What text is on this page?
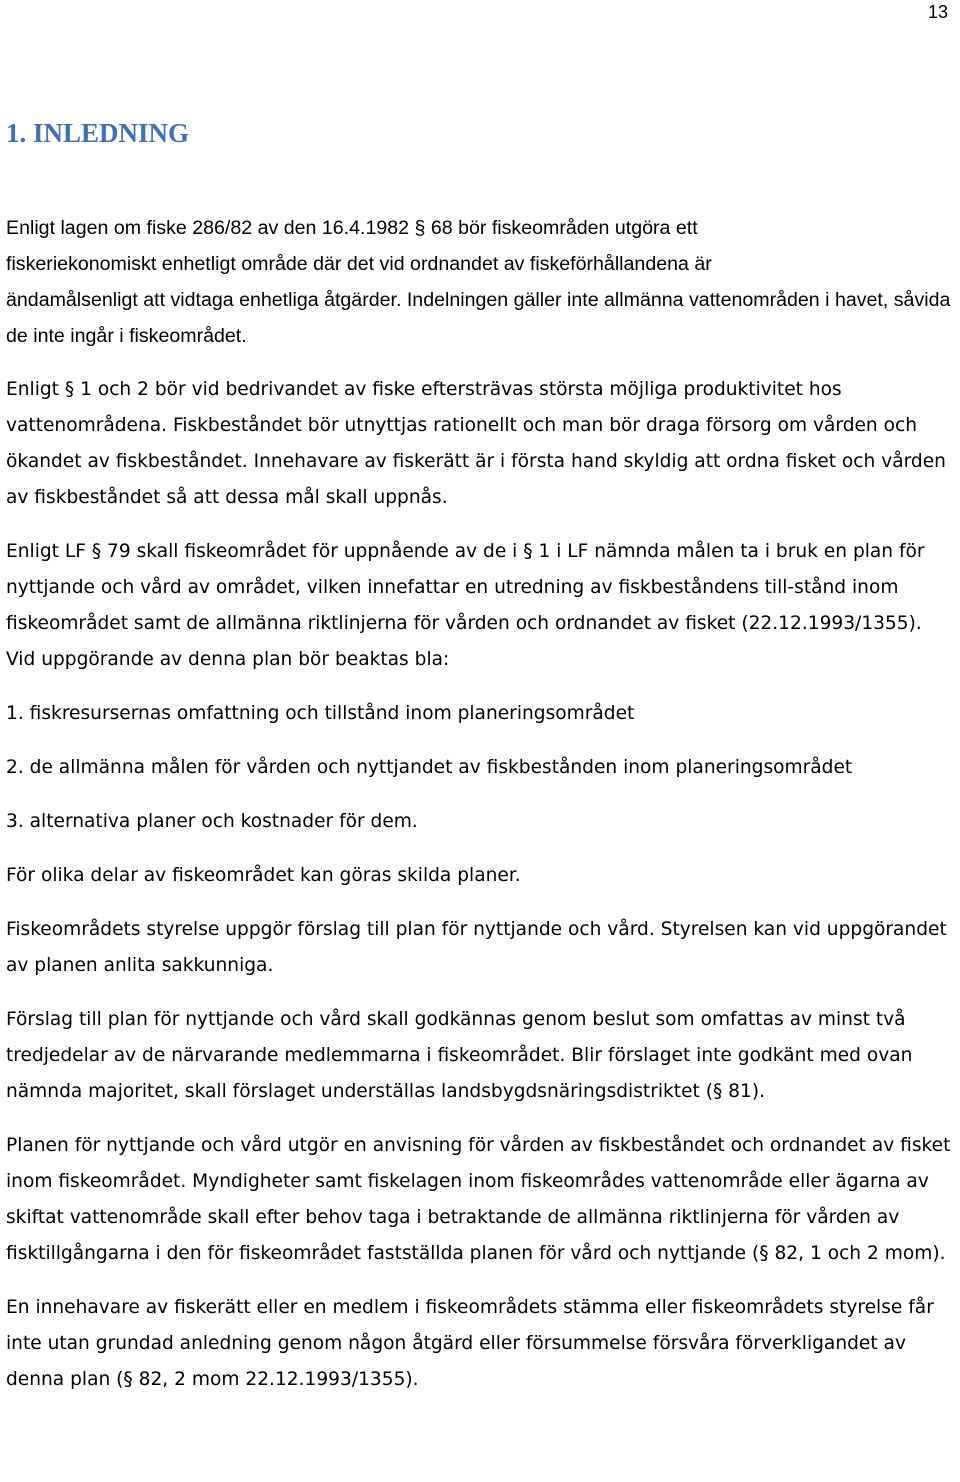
13
1. INLEDNING

Enligt lagen om fiske 286/82 av den 16.4.1982 § 68 bör fiskeområden utgöra ett
fiskeriekonomiskt enhetligt område där det vid ordnandet av fiskeförhållandena är
ändamålsenligt att vidtaga enhetliga åtgärder. Indelningen gäller inte allmänna vattenområden i havet, såvida de inte ingår i fiskeområdet.

Enligt § 1 och 2 bör vid bedrivandet av fiske eftersträvas största möjliga produktivitet hos vattenområdena. Fiskbeståndet bör utnyttjas rationellt och man bör draga försorg om vården och ökandet av fiskbeståndet. Innehavare av fiskerätt är i första hand skyldig att ordna fisket och vården av fiskbeståndet så att dessa mål skall uppnås.

Enligt LF § 79 skall fiskeområdet för uppnående av de i § 1 i LF nämnda målen ta i bruk en plan för nyttjande och vård av området, vilken innefattar en utredning av fiskbeståndens till-stånd inom fiskeområdet samt de allmänna riktlinjerna för vården och ordnandet av fisket (22.12.1993/1355). Vid uppgörande av denna plan bör beaktas bla:

1. fiskresursernas omfattning och tillstånd inom planeringsområdet

2. de allmänna målen för vården och nyttjandet av fiskbestånden inom planeringsområdet

3. alternativa planer och kostnader för dem.

För olika delar av fiskeområdet kan göras skilda planer.

Fiskeområdets styrelse uppgör förslag till plan för nyttjande och vård. Styrelsen kan vid uppgörandet av planen anlita sakkunniga.

Förslag till plan för nyttjande och vård skall godkännas genom beslut som omfattas av minst två tredjedelar av de närvarande medlemmarna i fiskeområdet. Blir förslaget inte godkänt med ovan nämnda majoritet, skall förslaget underställas landsbygdsnäringsdistriktet (§ 81).

Planen för nyttjande och vård utgör en anvisning för vården av fiskbeståndet och ordnandet av fisket inom fiskeområdet. Myndigheter samt fiskelagen inom fiskeområdes vattenområde eller ägarna av skiftat vattenområde skall efter behov taga i betraktande de allmänna riktlinjerna för vården av fisktillgångarna i den för fiskeområdet fastställda planen för vård och nyttjande (§ 82, 1 och 2 mom).

En innehavare av fiskerätt eller en medlem i fiskeområdets stämma eller fiskeområdets styrelse får inte utan grundad anledning genom någon åtgärd eller försummelse försvåra förverkligandet av denna plan (§ 82, 2 mom 22.12.1993/1355).
